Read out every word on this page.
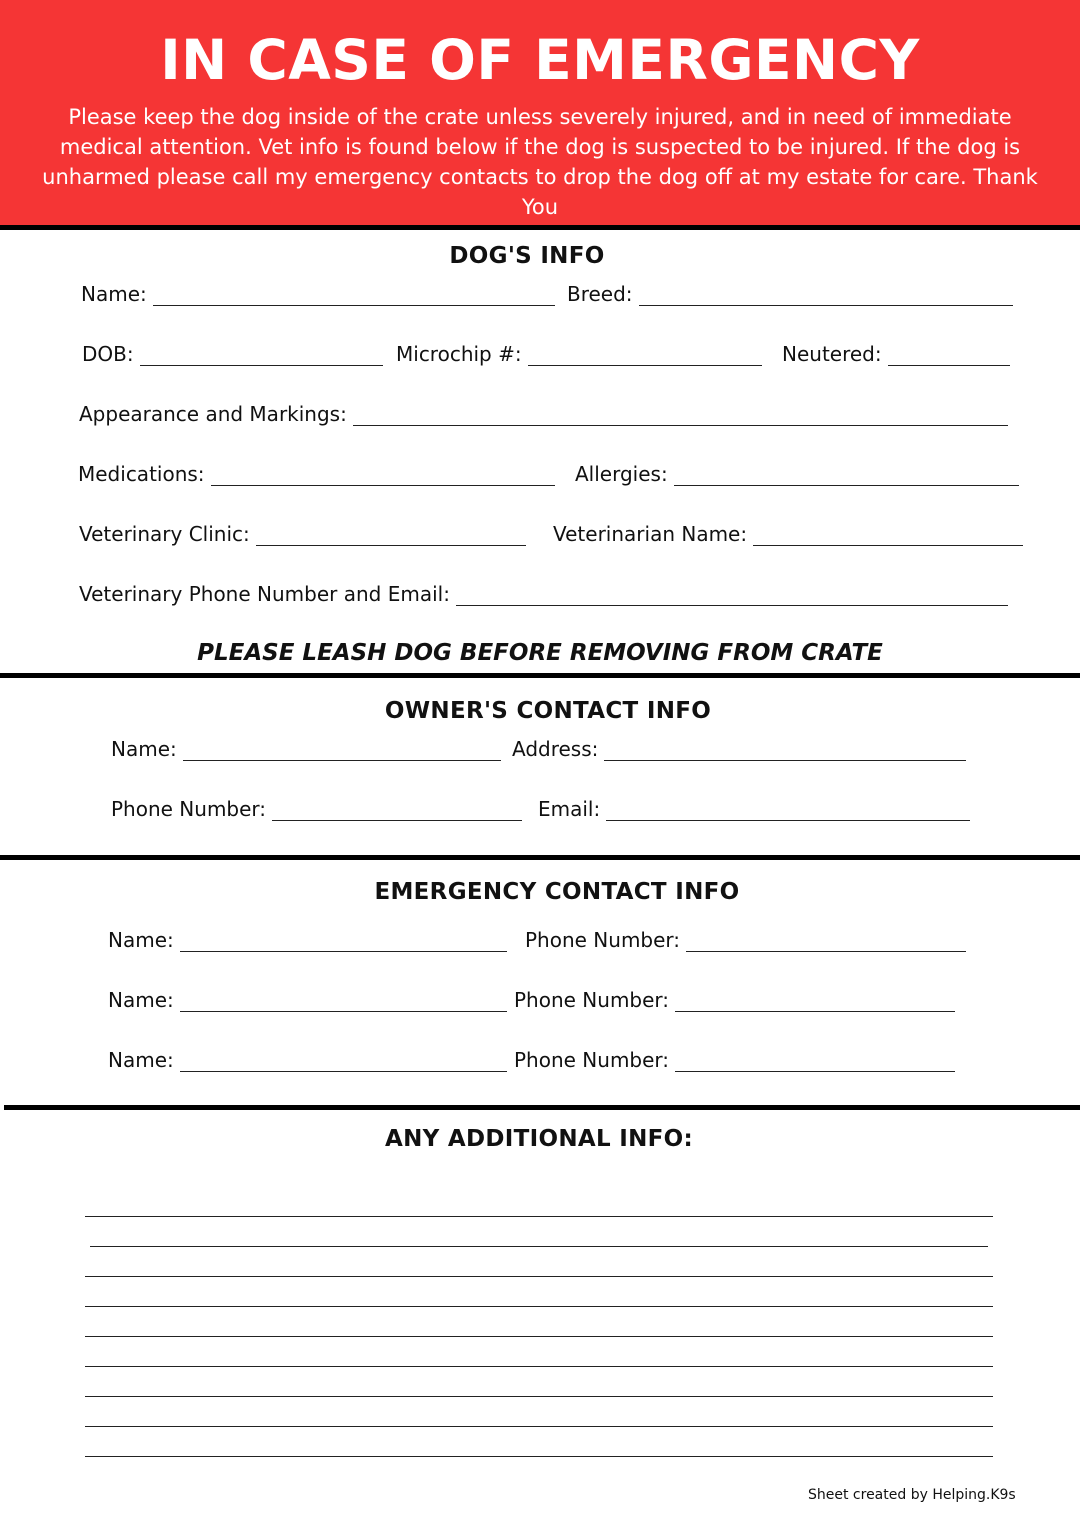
IN CASE OF EMERGENCY

Please keep the dog inside of the crate unless severely injured, and in need of immediate medical attention. Vet info is found below if the dog is suspected to be injured. If the dog is unharmed please call my emergency contacts to drop the dog off at my estate for care. Thank You

DOG'S INFO
Name:	Breed:
DOB:	Microchip #:	Neutered:
Appearance and Markings:
Medications:	Allergies:
Veterinary Clinic:	Veterinarian Name:
Veterinary Phone Number and Email:
PLEASE LEASH DOG BEFORE REMOVING FROM CRATE
OWNER'S CONTACT INFO
Name:	Address:
Phone Number:	Email:
EMERGENCY CONTACT INFO
Name:	Phone Number:
Name:	Phone Number:
Name:	Phone Number:
ANY ADDITIONAL INFO:
Sheet created by Helping.K9s
